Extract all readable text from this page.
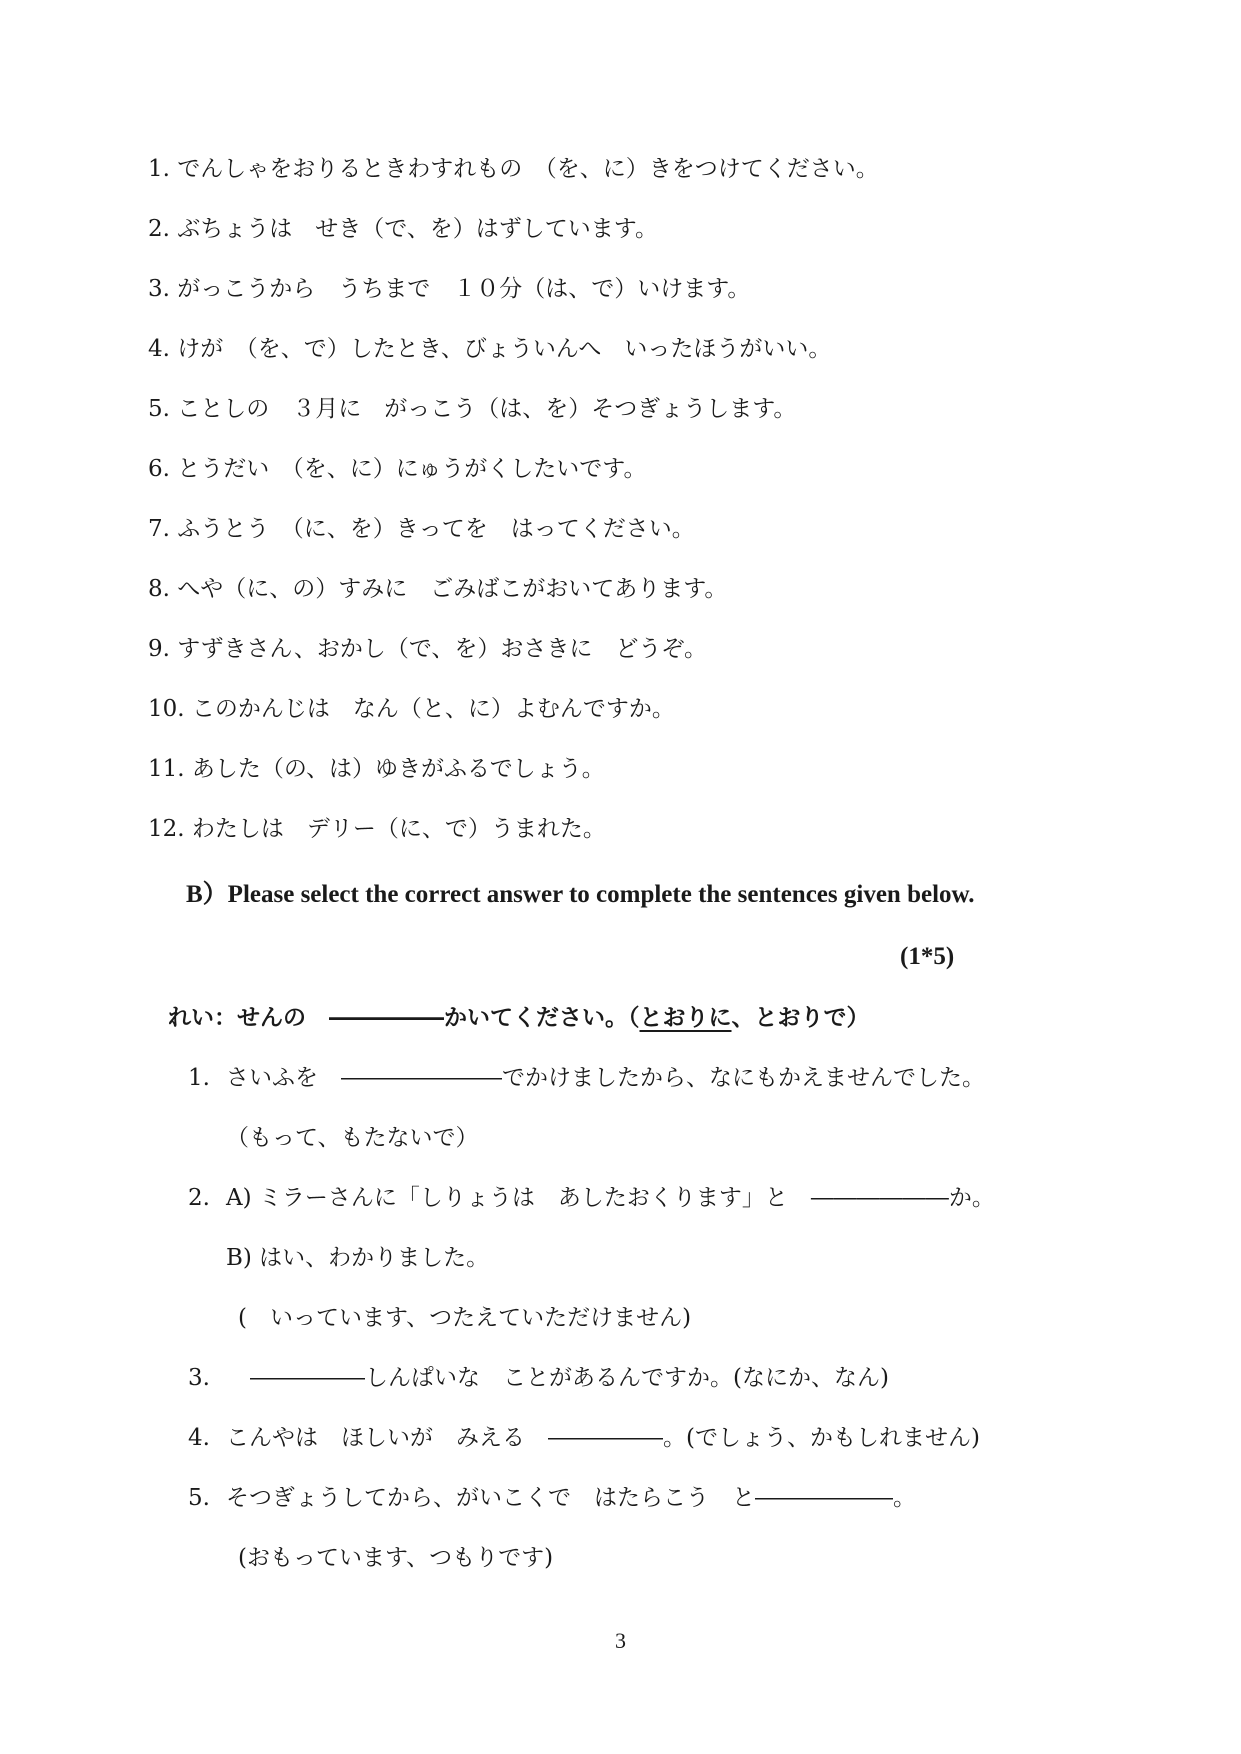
1. でんしゃをおりるときわすれもの　（を、に）きをつけてください。
2. ぶちょうは　せき（で、を）はずしています。
3. がっこうから　うちまで　１０分（は、で）いけます。
4. けが　（を、で）したとき、びょういんへ　いったほうがいい。
5. ことしの　３月に　がっこう（は、を）そつぎょうします。
6. とうだい　（を、に）にゅうがくしたいです。
7. ふうとう　（に、を）きってを　はってください。
8. へや（に、の）すみに　ごみばこがおいてあります。
9. すずきさん、おかし（で、を）おさきに　どうぞ。
10. このかんじは　なん（と、に）よむんですか。
11. あした（の、は）ゆきがふるでしょう。
12. わたしは　デリー（に、で）うまれた。
B）Please select the correct answer to complete the sentences given below.
(1*5)
れい：せんの　―――――かいてください。（とおりに、とおりで）
1. さいふを　―――――――でかけましたから、なにもかえませんでした。
（もって、もたないで）
2. A) ミラーさんに「しりょうは　あしたおくります」と　――――――か。
B) はい、わかりました。
(　いっています、つたえていただけません)
3. ―――――しんぱいな　ことがあるんですか。(なにか、なん)
4. こんやは　ほしいが　みえる　―――――。(でしょう、かもしれません)
5. そつぎょうしてから、がいこくで　はたらこう　と――――――。
(おもっています、つもりです)
3
